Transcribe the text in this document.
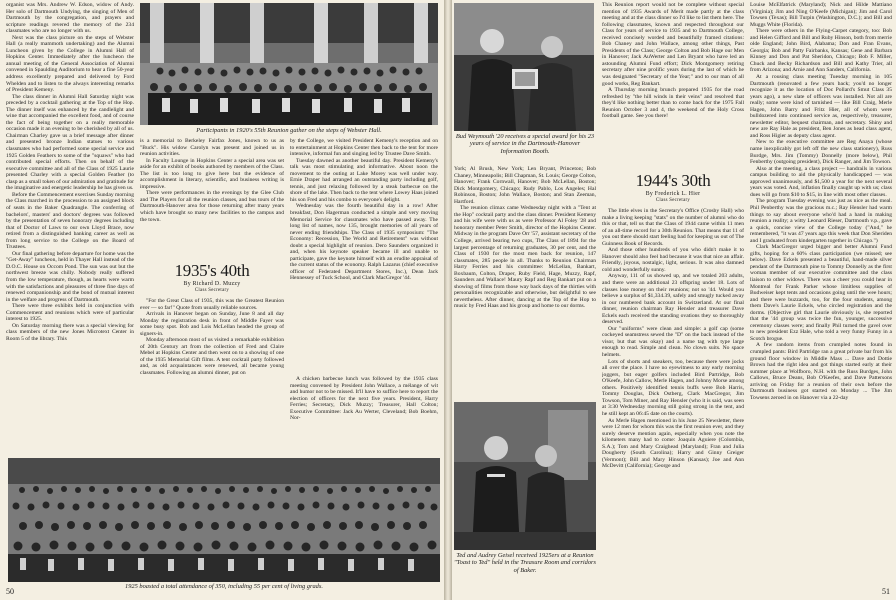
organist was Mrs. Andrew W. Edson, widow of Andy. Her solo of Dartmouth Undying, the singing of Men of Dartmouth by the congregation, and prayers and scripture readings revered the memory of the 234 classmates who are no longer with us.

Next was the class picture on the steps of Webster Hall (a really mammoth undertaking) and the Alumni Luncheon given by the College in Alumni Hall of Hopkins Center. Immediately after the luncheon the annual meeting of the General Association of Alumni convened in Spaulding Auditorium to hear a fine 50-year address excellently prepared and delivered by Ford Whelden and to listen to the always interesting remarks of President Kemeny.

The class dinner in Alumni Hall Saturday night was preceded by a cocktail gathering at the Top of the Hop. The dinner itself was enhanced by the candlelight and wine that accompanied the excellent food, and of course the fact of being together on a really memorable occasion made it an evening to be cherished by all of us. Chairman Charley gave us a brief message after dinner and presented bronze Indian statues to various classmates who had performed some special service and 1925 Golden Feathers to some of the "squaws" who had contributed special efforts. Then on behalf of the executive committee and all of the Class of 1925 Laurie presented Charley with a special Golden Feather (to clasp as a small token of our admiration and gratitude for the imaginative and energetic leadership he has given us.

Before the Commencement exercises Sunday morning the Class marched in the procession to an assigned block of seats in the Baker Quadrangle. The conferring of bachelors', masters' and doctors' degrees was followed by the presentation of seven honorary degrees including that of Doctor of Laws to our own Lloyd Brace, now retired from a distinguished banking career as well as from long service to the College on the Board of Trustees.

Our final gathering before departure for home was the "Get-Away" luncheon, held in Thayer Hall instead of the D.O.C. House on Occom Pond. The sun was out but the northwest breeze was chilly. Nobody really suffered from the low temperature, though, as hearts were warm with the satisfactions and pleasures of three fine days of renewed companionship and the bond of mutual interest in the welfare and progress of Dartmouth.

There were three exhibits held in conjunction with Commencement and reunions which were of particular interest to 1925.

On Saturday morning there was a special viewing for class members of the new Jones Microtext Center in Room 5 of the library. This

Participants in 1920's 55th Reunion gather on the steps of Webster Hall.

is a memorial to Berkeley Fairfax Jones, known to us as "Buck". His widow Carolyn was present and joined us in reunion activities.

In Faculty Lounge in Hopkins Center a special area was set aside for an exhibit of books authored by members of the Class. The list is too long to give here but the evidence of accomplishment in literary, scientific, and business writing is impressive.

There were performances in the evenings by the Glee Club and The Players for all the reunion classes, and bus tours of the Dartmouth-Hanover area for those returning after many years which have brought so many new facilities to the campus and the town.

1935's 40th
By Richard D. Muzzy
Class Secretary

"For the Great Class of 1935, this was the Greatest Reunion ever — so far!" Quote from usually reliable sources.

Arrivals in Hanover began on Sunday, June 8 and all day Monday the registration desk in front of Middle Fayer was some busy spot. Bob and Lois McLellan headed the group of signers-in.

Monday afternoon most of us visited a remarkable exhibition of 20th Century art from the collection of Fred and Claire Mebel at Hopkins Center and then went on to a showing of one of the 1935 Memorial Gift films. A tent cocktail party followed and, as old acquaintances were renewed, all became young classmates. Following an alumni dinner, put on

by the College, we visited President Kemeny's reception and on to entertainment at Hopkins Center then back to the tent for more intensive, informal fun and singing led by Trustee Dave Smith.

Tuesday dawned as another beautiful day. President Kemeny's talk was most stimulating and informative. About noon the movement to the outing at Lake Morey was well under way. Ernie Draper had arranged an outstanding party including golf, tennis, and just relaxing followed by a steak barbecue on the shore of the lake. Then back to the tent where Lowey Haas joined his son Fred and his combo to everyone's delight.

Wednesday was the fourth beautiful day in a row! After breakfast, Don Hagerman conducted a simple and very moving Memorial Service for classmates who have passed away. The long list of names, now 135, brought memories of all years of never ending friendships. The Class of 1935 symposium: "The Economy: Recession, The World and Retirement" was without doubt a special highlight of reunion. Dero Saunders organized it and, when his keynote speaker became ill and unable to participate, gave the keynote himself with an erudite appraisal of the current status of the economy. Ralph Lazarus (chief executive officer of Federated Department Stores, Inc.), Dean Jack Hennessey of Tuck School, and Clark MacGregor '44.

A chicken barbecue lunch was followed by the 1935 class meeting convened by President John Wallace, a mélange of wit and humor not to be missed. It'll have to suffice here to report the election of officers for the next five years. President, Harry Ferries; Secretary, Dick Muzzy; Treasurer, Hall Colton; Executive Committee: Jack Au Werter, Cleveland; Bob Boehm, Nor-

1925 boasted a total attendance of 350, including 55 per cent of living grads.
50
Bud Weymouth '20 receives a special award for his 23 years of service in the Dartmouth-Hanover Information Booth.

York; Al Brush, New York; Len Bryant, Princeton; Bob Chaney, Minneapolis; Bill Chapman, St. Louis; George Colton, Hanover; Frank Cornwall, Hanover; Bob McLellan, Boston; Dick Montgomery, Chicago; Rudy Pablo, Los Angeles; Hal Robinson, Boston; John Wallace, Boston; and Stan Zeeman, Hartford.

The reunion climax came Wednesday night with a "Tent at the Hop" cocktail party and the class dinner. President Kemeny and his wife were with us as were Professor Al Foley '28 and honorary member Peter Smith, director of the Hopkins Center. Midway in the program Dave Orr '57, assistant secretary of the College, arrived bearing two cups, The Class of 1894 for the largest percentage of returning graduates, 30 per cent, and the Class of 1930 for the most men back for reunion, 147 classmates, 285 people in all. Thanks to Reunion Chairman Harry Ferries and his committee: McLellan, Bankart, Boxbaum, Colton, Draper, Ruby Field, Hage, Muzzy, Rapf, Saunders and Wallace! Maury Rapf and Reg Bankart put on a showing of films from those way back days of the thirties with personalities recognizable and otherwise, but delightful to see nevertheless. After dinner, dancing at the Top of the Hop to music by Fred Haas and his group and home to our dorms.

This Reunion report would not be complete without special mention of 1935 Awards of Merit made partly at the class meeting and at the class dinner so I'd like to list them here. The following classmates, known and respected throughout our Class for years of service to 1935 and to Dartmouth College, received concisely worded and beautifully framed citations: Bob Chaney and John Wallace, among other things, Past Presidents of the Class; George Colton and Bob Hage our Men in Hanover; Jack AuWerter and Len Bryant who have led an astounding Alumni Fund effort; Dick Montgomery retiring secretary after nine prolific years during the last of which he was designated "Secretary of the Year;" and to our man of all good works, Reg Bankart.

A Thursday morning brunch prepared 1935 for the road refreshed by "the hill winds in their veins" and resolved that they'd like nothing better than to come back for the 1975 Fall Reunion October 3 and 4, the weekend of the Holy Cross football game. See you there!

1944's 30th
By Frederick L. Hier
Class Secretary

The little elves in the Secretary's Office (Crosby Hall) who make a living keeping "stats" on the number of alumni who do this or that, tell us that the Class of 1944 came within 11 men of an all-time record for a 30th Reunion. That means that 11 of you out there should start feeling bad for keeping us out of The Guinness Book of Records.

And those other hundreds of you who didn't make it to Hanover should also feel bad because it was that nice an affair. Friendly, joyous, nostalgic, light, serious. It was also damned cold and wonderfully sunny.

Anyway, 111 of us showed up, and we totaled 203 adults, and there were an additional 23 offspring under 18. Lots of classes lose money on their reunions; not so '44. Would you believe a surplus of $1,334.39, safely and smugly tucked away in our numbered bank account in Switzerland. At our final dinner, reunion chairman Ray Hensler and treasurer Dave Eckels each received the standing ovations they so thoroughly deserved.

Our "uniforms" were clean and simple: a golf cap (some cockeyed seamstress sewed the "D" on the back instead of the visor, but that was okay) and a name tag with type large enough to read. Simple and clean. No clown suits. No space helmets.

Lots of shorts and sneakers, too, because there were jocks all over the place. I have no eyewitness to any early morning joggers, but eager golfers included Bird Partridge, Bob O'Keefe, John Callow, Merle Hagen, and Johnny Morse among others. Positively identified tennis buffs were Bob Harris, Tommy Douglas, Dick Ostberg, Clark MacGregor, Jim Towson, Tom Miner, and Ray Hensler (who it is said, was seen at 3:30 Wednesday morning still going strong in the tent, and he still kept an 06:45 date on the courts).

As Merle Hagen mentioned in his June 25 Newsletter, there were 12 men for whom this was the first reunion ever, and they surely deserve mention again, especially when you note the kilometers many had to come: Joaquin Aguiere (Colombia, S.A.); Tom and Mary Craighead (Maryland); Fran and Julia Dougherty (South Carolina); Harry and Ginny Greiger (Vermont); Bill and Mary Hinson (Kansas); Joe and Ann McDevitt (California); George and

Ted and Audrey Geisel received 1925ers at a Reunion "Toast to Ted" held in the Treasure Room and corridors of Baker.

Louise McElfatrick (Maryland); Nick and Hilde Mattiano (Virginia); Jim and Ning O'Keefe (Michigan); Jim and Carol Towsen (Texas); Bill Turpin (Washington, D.C.); and Bill and Muggs White (Florida).

There were others in the Flying-Carpet category, too: Bob and Helen Gifford and Bill and Ruby Hinson, both from merrie olde England; John Bird, Alabama; Don and Fran Evans, Georgia; Bob and Patty Fairbanks, Kansas; Gene and Barbara Kinney and Don and Pat Sheridon, Chicago; Bob F. Miller, Chuck and Becky Richardson and Bill and Kathy Trier, all from Arizona; and Arnie and Ann Sanders, California.

At a rousing class meeting Tuesday morning in 105 Dartmouth (renovated a few years back; you'd no longer recognize it as the location of Doc Pollard's Smut Class 35 years ago), a new slate of officers was installed. Not all are really; some were kind of tarnished — like Bill Craig, Merle Hagen, John Barry and Fritz Hier, all of whom were bulldozered into continued service as, respectively, treasurer, newsletter editor, bequest chairman, and secretary. Shiny and new are Ray Hale as president, Ben Jones as head class agent, and Ross Higier as deputy class agent.

New to the executive committee are Reg Anaya (whose name inexplicably got left off the new class stationery), Russ Burdge, Mrs. Jim (Tommy) Donnelly (more below), Phil Fenberthy (outgoing president), Dick Ranger, and Jim Towson.

Also at the meeting, a class project — handrails in various campus building to aid the physically handicapped — was approved unanimously, and $1,500 a year for the next several years was voted. And, inflation finally caught up with us; class dues will go from $10 to $15, in line with most other classes.

The program Tuesday evening was just as nice as the meal. Phil Penberthy was the gracious m.c.; Ray Hensler had warm things to say about everyone who'd had a hand in making reunion a reality; a witty Leonard Rieser, Dartmouth v.p., gave a quick, concise view of the College today ("And," he remembered, "it was 47 years ago this week that Don Sheriden and I graduated from kindergarten together in Chicago.")

Clark MacGregor urged bigger and better Alumni Fund gifts, hoping for a 60% class participation (we missed; see below). Dave Eckels presented a beautiful, hand-made silver pendant of the Dartmouth pine to Tommy Donnelly as the first woman member of our executive committee and the class liaison to other widows. There was a cheer you could hear in Montreal for Frank Parker whose limitless supplies of Budweiser kept tents and occasions going until the wee hours; and there were buzzards, too, for the four students, among them Dave's Laurie Eckels, who circled registration and the dorms. (Objective girl that Laurie obviously is, she reported that the '44 group was twice the fun, younger, successive ceremony classes were; and finally Phil turned the gavel over to new president Ezz Hale, who told a very funny Funny in a Scotch brogue.

A few random items from crumpled notes found in crumpled pants: Bird Partridge ran a great private bar from his ground floor window in Middle Mass ... Dave and Dottie Brown had the right idea and got things started early at their summer place at Wolfboro, N.H. with the Russ Burdges, John Callows, Bruce Deans, Bob O'Keefes, and Dave Pattersons arriving on Friday for a reunion of their own before the Dartmouth business got started on Monday ... The Jim Towsens zeroed in on Hanover via a 22-day

51
